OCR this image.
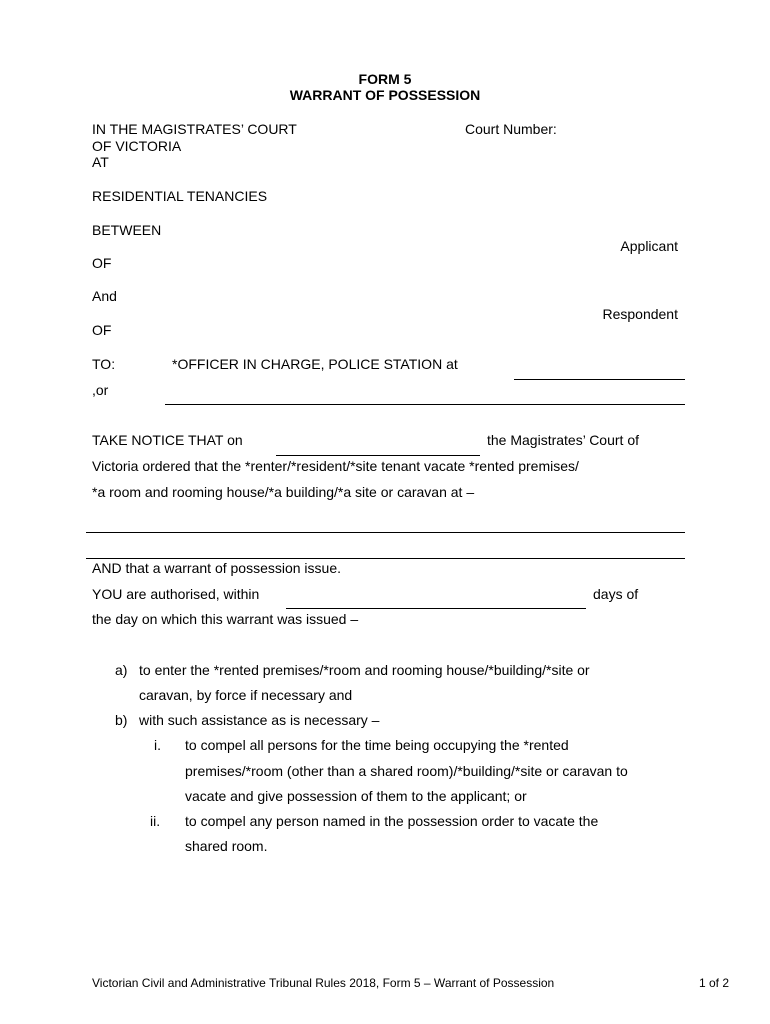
FORM 5
WARRANT OF POSSESSION
IN THE MAGISTRATES’ COURT
OF VICTORIA
AT
Court Number:
RESIDENTIAL TENANCIES
BETWEEN
Applicant
OF
And
Respondent
OF
TO:	*OFFICER IN CHARGE, POLICE STATION at
,or
TAKE NOTICE THAT on	the Magistrates’ Court of
Victoria ordered that the *renter/*resident/*site tenant vacate *rented premises/
*a room and rooming house/*a building/*a site or caravan at –
AND that a warrant of possession issue.
YOU are authorised, within	days of
the day on which this warrant was issued –
a) to enter the *rented premises/*room and rooming house/*building/*site or
caravan, by force if necessary and
b) with such assistance as is necessary –
i. to compel all persons for the time being occupying the *rented
premises/*room (other than a shared room)/*building/*site or caravan to
vacate and give possession of them to the applicant; or
ii. to compel any person named in the possession order to vacate the
shared room.
Victorian Civil and Administrative Tribunal Rules 2018, Form 5 – Warrant of Possession	1 of 2
